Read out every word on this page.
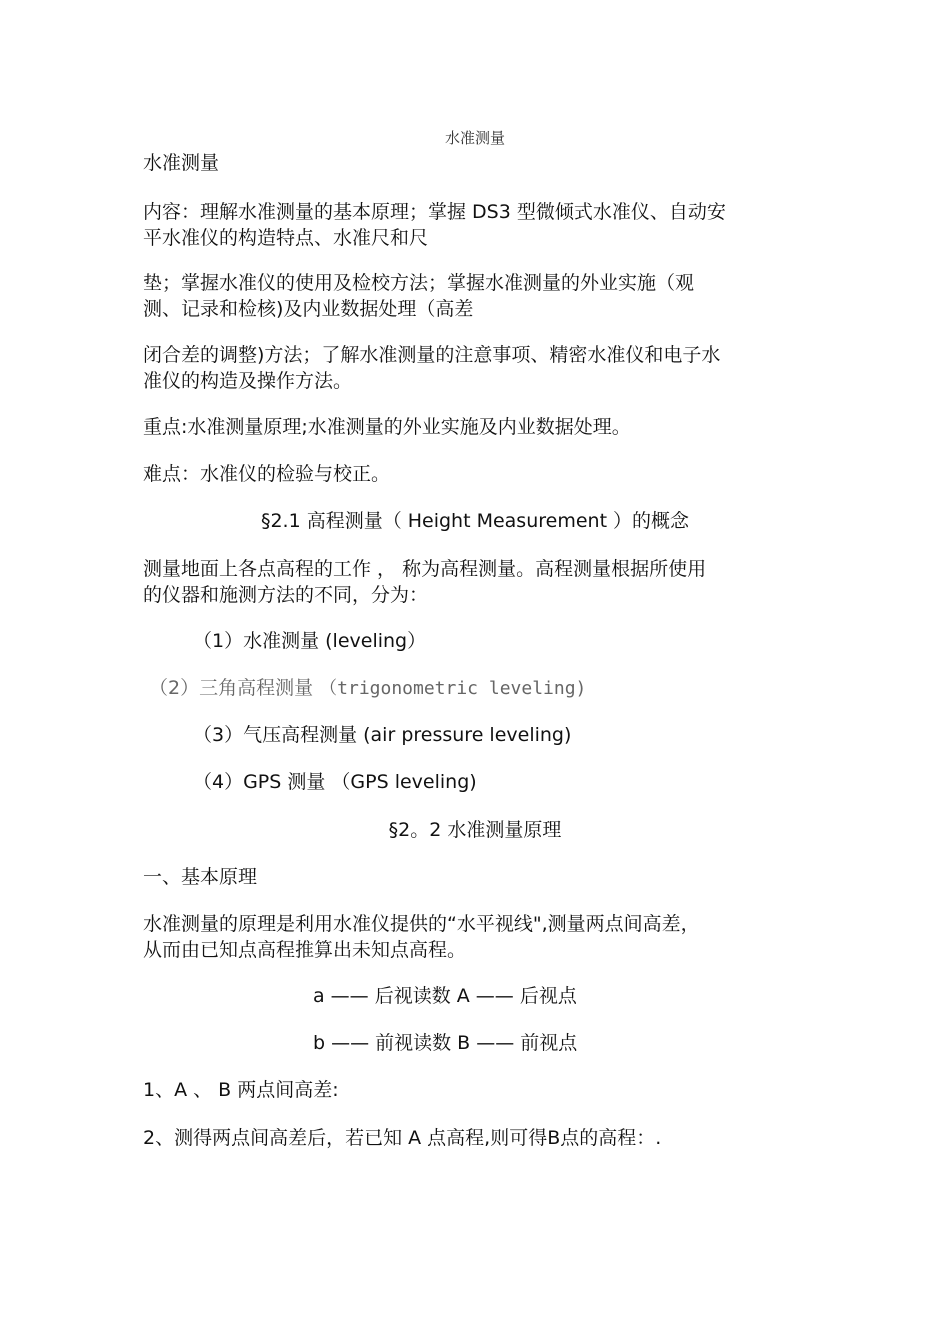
水准测量
水准测量
内容：理解水准测量的基本原理；掌握 DS3 型微倾式水准仪、自动安
平水准仪的构造特点、水准尺和尺
垫；掌握水准仪的使用及检校方法；掌握水准测量的外业实施（观
测、记录和检核)及内业数据处理（高差
闭合差的调整)方法；了解水准测量的注意事项、精密水准仪和电子水
准仪的构造及操作方法。
重点:水准测量原理;水准测量的外业实施及内业数据处理。
难点：水准仪的检验与校正。
§2.1 高程测量（ Height Measurement ）的概念
测量地面上各点高程的工作 ， 称为高程测量。高程测量根据所使用
的仪器和施测方法的不同，分为：
（1）水准测量 (leveling）
（2）三角高程测量 （trigonometric leveling)
（3）气压高程测量 (air pressure leveling)
（4）GPS 测量 （GPS leveling)
§2。2 水准测量原理
一、基本原理
水准测量的原理是利用水准仪提供的“水平视线",测量两点间高差，
从而由已知点高程推算出未知点高程。
a —— 后视读数 A —— 后视点
b —— 前视读数 B —— 前视点
1、A 、 B 两点间高差:
2、测得两点间高差后，若已知 A 点高程,则可得B点的高程：.
